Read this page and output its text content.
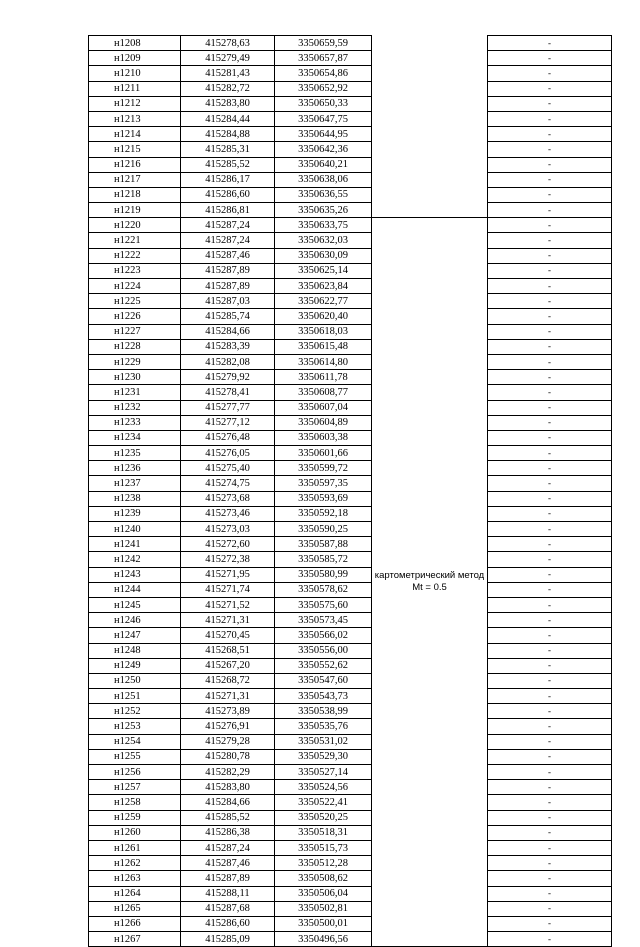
н1208	415278,63	3350659,59		-
н1209	415279,49	3350657,87		-
н1210	415281,43	3350654,86		-
н1211	415282,72	3350652,92		-
н1212	415283,80	3350650,33		-
н1213	415284,44	3350647,75		-
н1214	415284,88	3350644,95		-
н1215	415285,31	3350642,36		-
н1216	415285,52	3350640,21		-
н1217	415286,17	3350638,06		-
н1218	415286,60	3350636,55		-
н1219	415286,81	3350635,26		-
н1220	415287,24	3350633,75	картометрический метод Mt = 0.5	-
н1221	415287,24	3350632,03		-
н1222	415287,46	3350630,09		-
н1223	415287,89	3350625,14		-
н1224	415287,89	3350623,84		-
н1225	415287,03	3350622,77		-
н1226	415285,74	3350620,40		-
н1227	415284,66	3350618,03		-
н1228	415283,39	3350615,48		-
н1229	415282,08	3350614,80		-
н1230	415279,92	3350611,78		-
н1231	415278,41	3350608,77		-
н1232	415277,77	3350607,04		-
н1233	415277,12	3350604,89		-
н1234	415276,48	3350603,38		-
н1235	415276,05	3350601,66		-
н1236	415275,40	3350599,72		-
н1237	415274,75	3350597,35		-
н1238	415273,68	3350593,69		-
н1239	415273,46	3350592,18		-
н1240	415273,03	3350590,25		-
н1241	415272,60	3350587,88		-
н1242	415272,38	3350585,72		-
н1243	415271,95	3350580,99		-
н1244	415271,74	3350578,62		-
н1245	415271,52	3350575,60		-
н1246	415271,31	3350573,45		-
н1247	415270,45	3350566,02		-
н1248	415268,51	3350556,00		-
н1249	415267,20	3350552,62		-
н1250	415268,72	3350547,60		-
н1251	415271,31	3350543,73		-
н1252	415273,89	3350538,99		-
н1253	415276,91	3350535,76		-
н1254	415279,28	3350531,02		-
н1255	415280,78	3350529,30		-
н1256	415282,29	3350527,14		-
н1257	415283,80	3350524,56		-
н1258	415284,66	3350522,41		-
н1259	415285,52	3350520,25		-
н1260	415286,38	3350518,31		-
н1261	415287,24	3350515,73		-
н1262	415287,46	3350512,28		-
н1263	415287,89	3350508,62		-
н1264	415288,11	3350506,04		-
н1265	415287,68	3350502,81		-
н1266	415286,60	3350500,01		-
н1267	415285,09	3350496,56		-
